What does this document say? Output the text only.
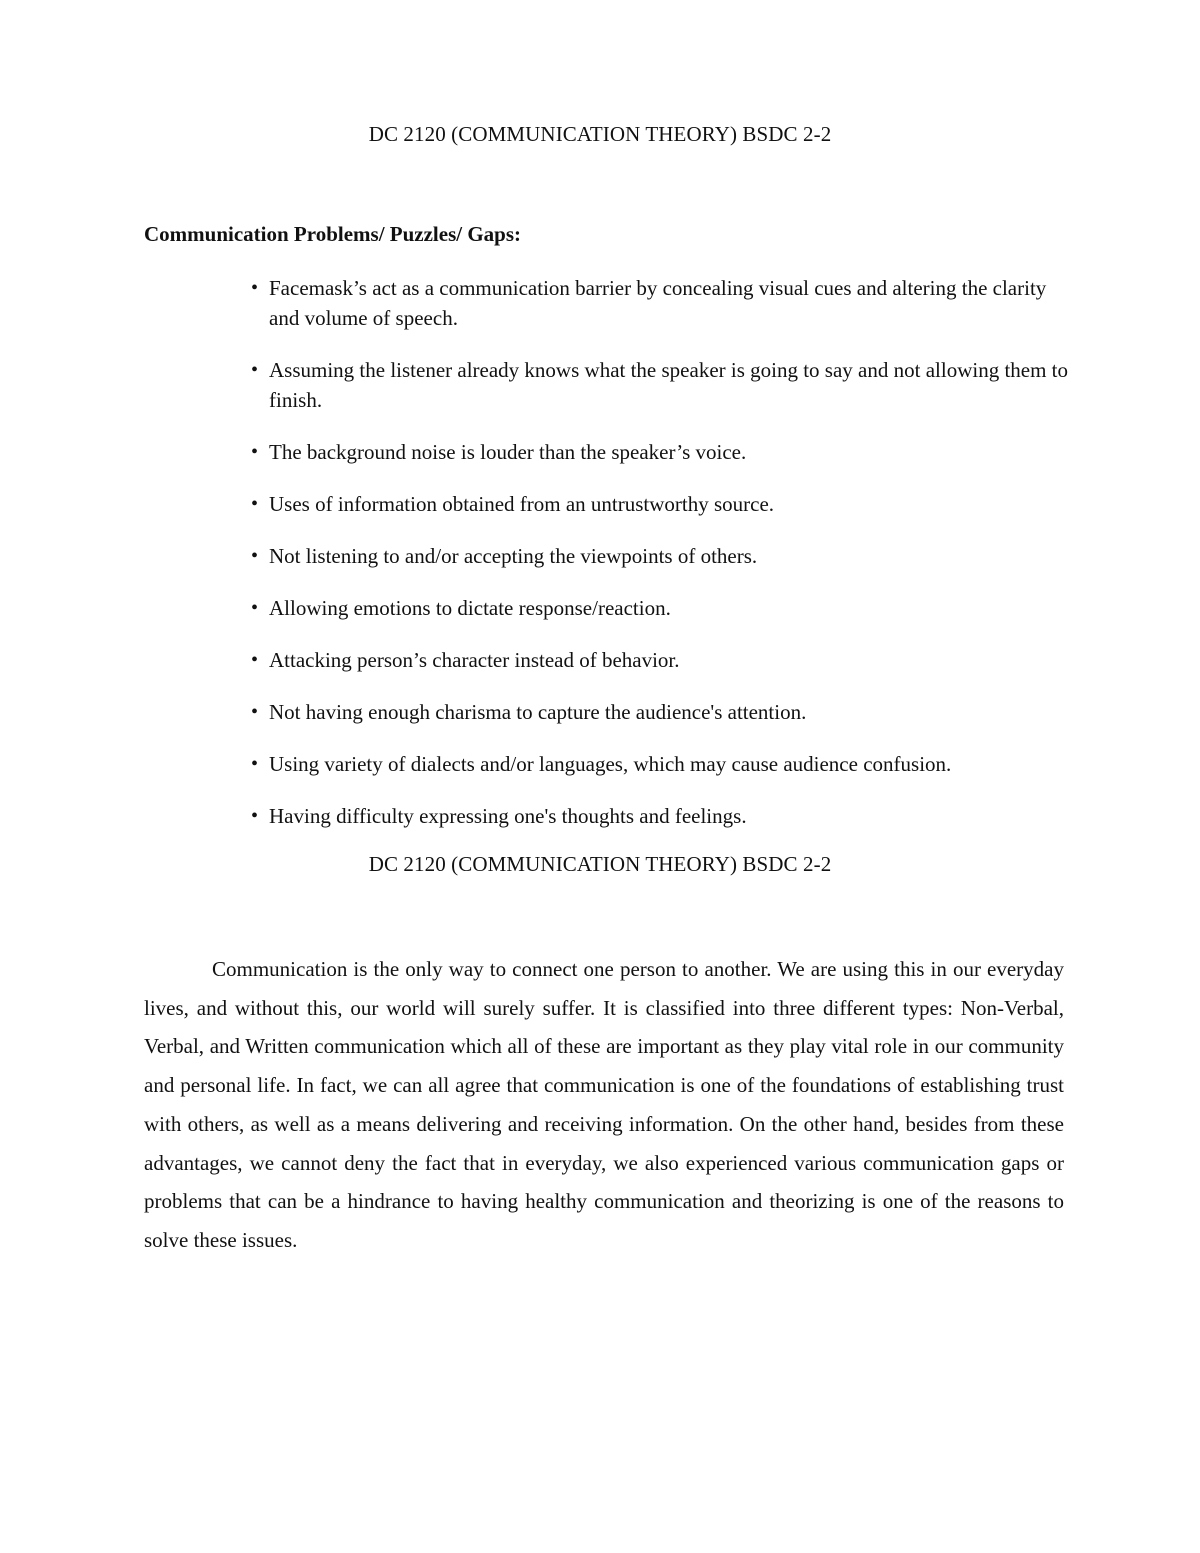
DC 2120 (COMMUNICATION THEORY) BSDC 2-2
Communication Problems/ Puzzles/ Gaps:
• Facemask’s act as a communication barrier by concealing visual cues and altering the clarity and volume of speech.
• Assuming the listener already knows what the speaker is going to say and not allowing them to finish.
• The background noise is louder than the speaker’s voice.
• Uses of information obtained from an untrustworthy source.
• Not listening to and/or accepting the viewpoints of others.
• Allowing emotions to dictate response/reaction.
• Attacking person’s character instead of behavior.
• Not having enough charisma to capture the audience's attention.
• Using variety of dialects and/or languages, which may cause audience confusion.
• Having difficulty expressing one's thoughts and feelings.
DC 2120 (COMMUNICATION THEORY) BSDC 2-2

Communication is the only way to connect one person to another. We are using this in our everyday lives, and without this, our world will surely suffer. It is classified into three different types: Non-Verbal, Verbal, and Written communication which all of these are important as they play vital role in our community and personal life. In fact, we can all agree that communication is one of the foundations of establishing trust with others, as well as a means delivering and receiving information. On the other hand, besides from these advantages, we cannot deny the fact that in everyday, we also experienced various communication gaps or problems that can be a hindrance to having healthy communication and theorizing is one of the reasons to solve these issues.
